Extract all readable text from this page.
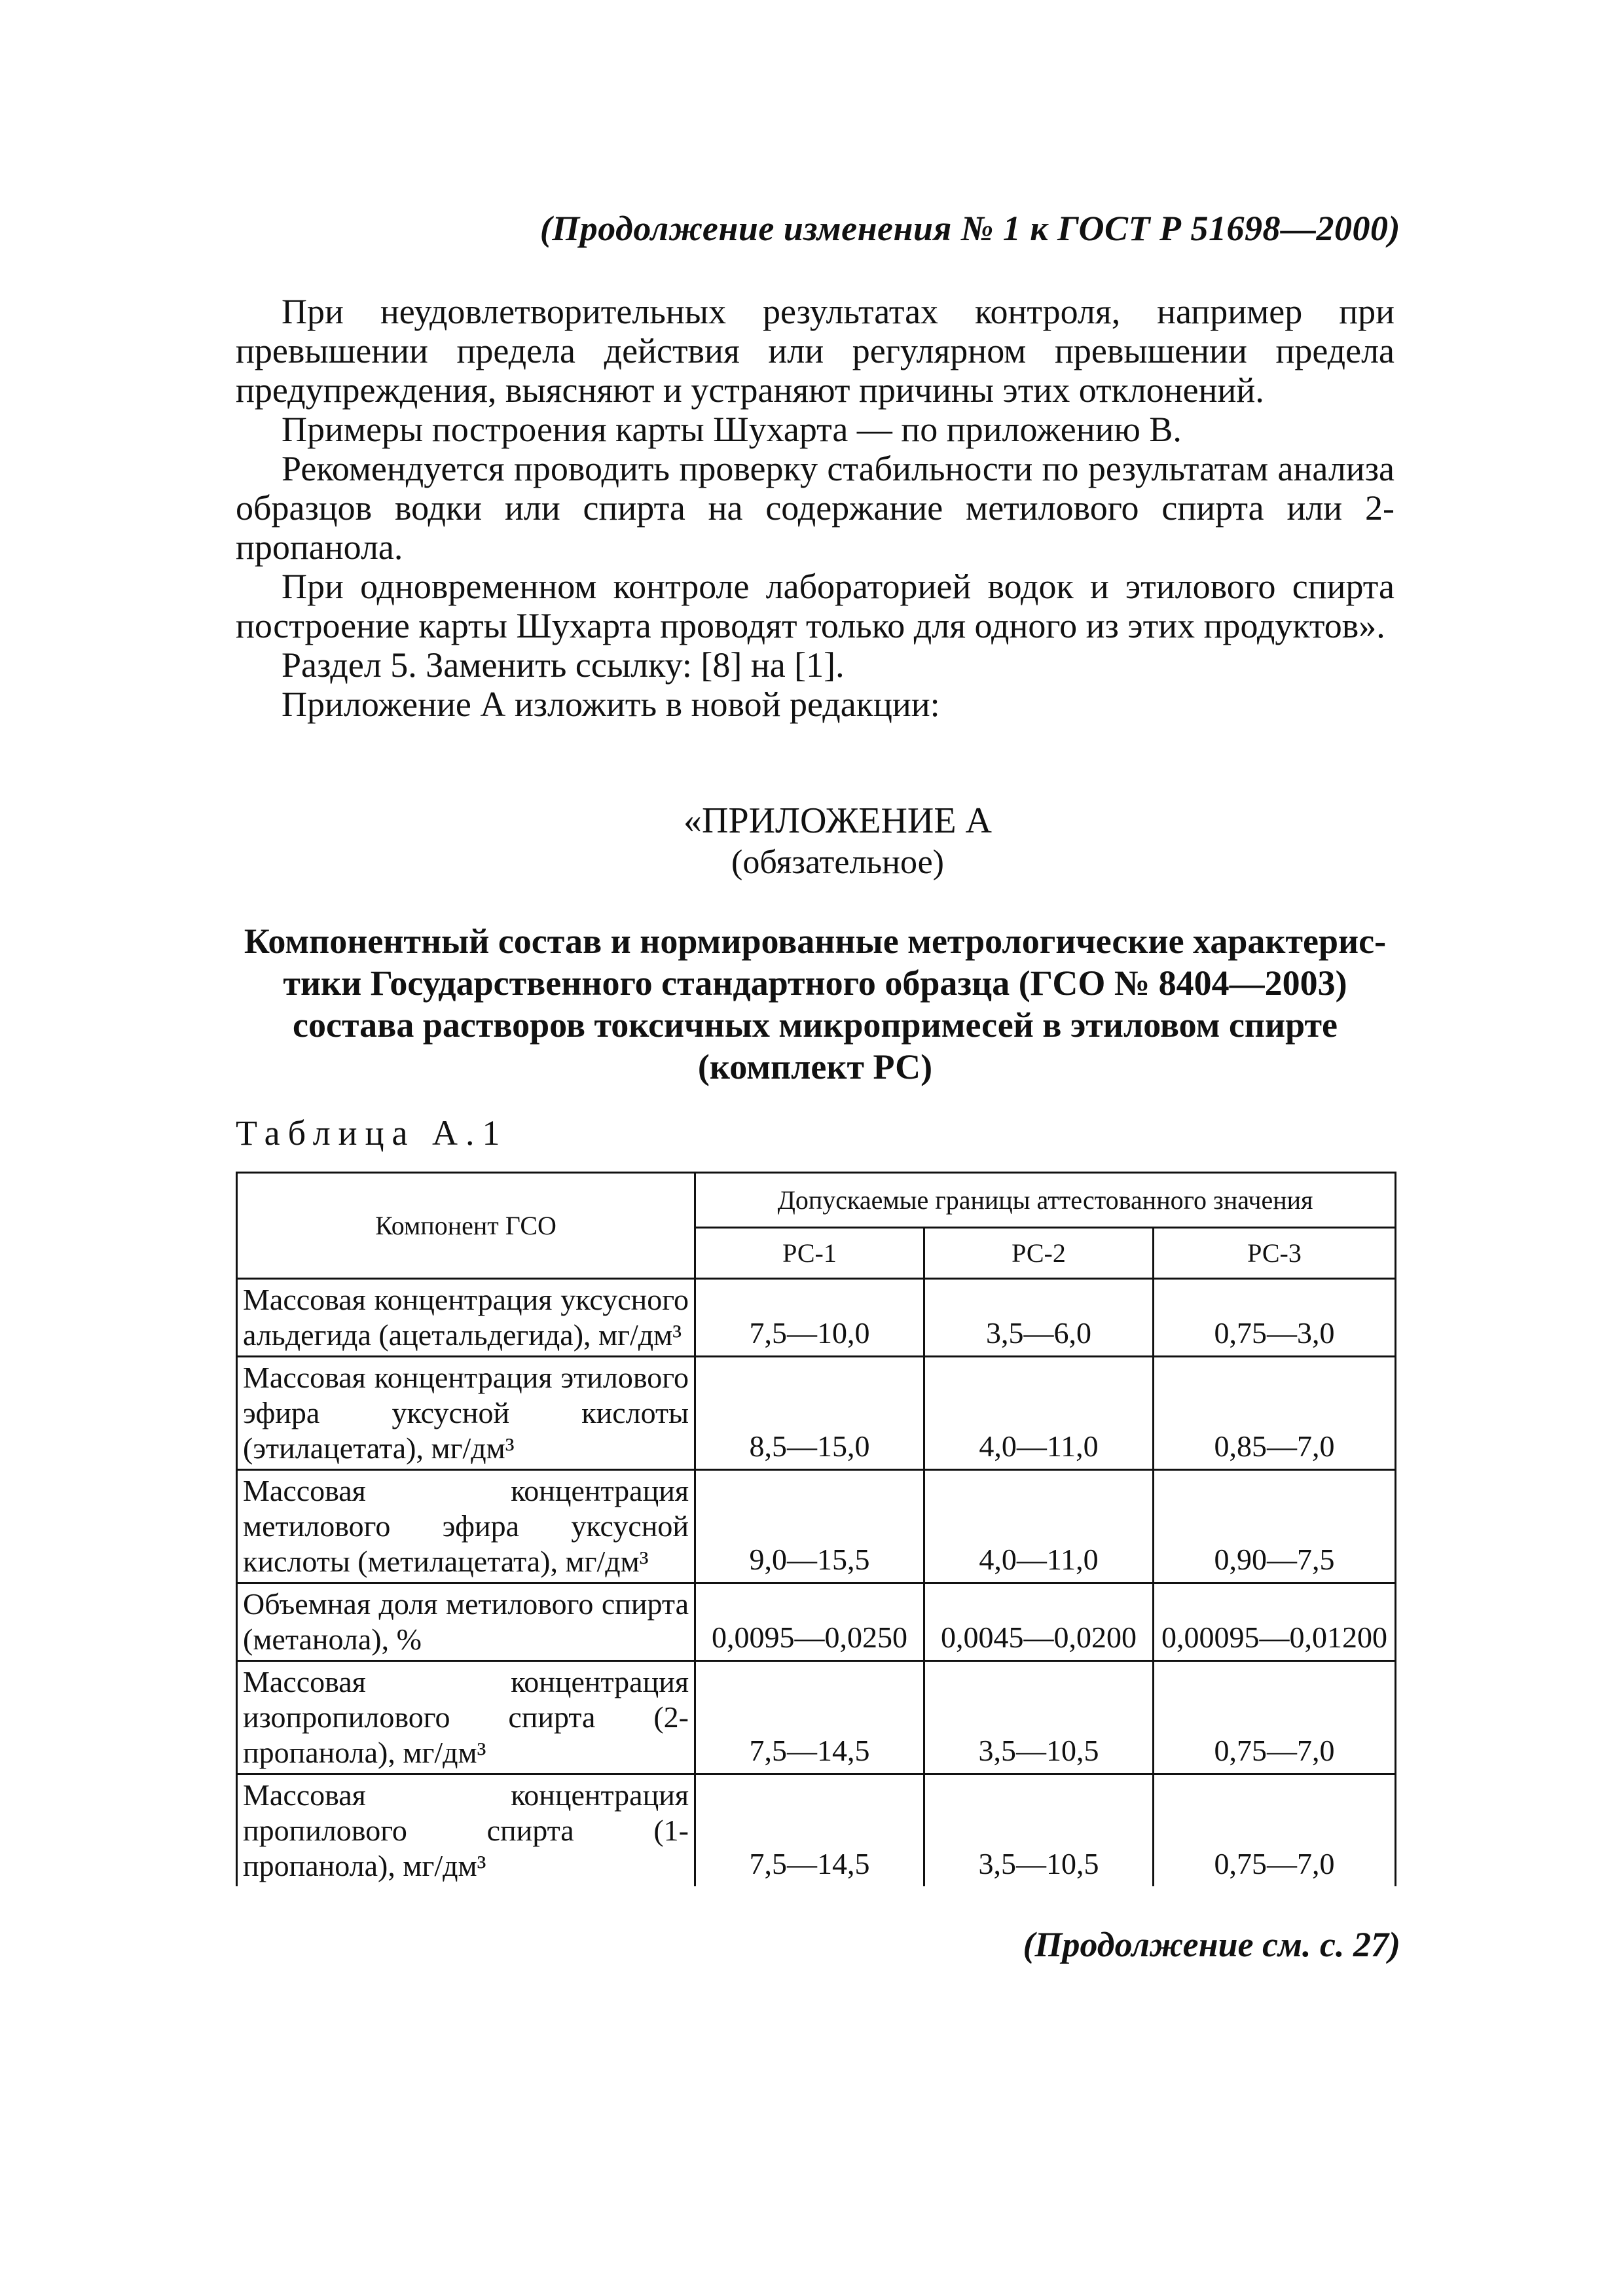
(Продолжение изменения № 1 к ГОСТ Р 51698—2000)

При неудовлетворительных результатах контроля, например при превышении предела действия или регулярном превышении предела предупреждения, выясняют и устраняют причины этих отклонений.

Примеры построения карты Шухарта — по приложению В.

Рекомендуется проводить проверку стабильности по результатам анализа образцов водки или спирта на содержание метилового спирта или 2-пропанола.

При одновременном контроле лабораторией водок и этилового спирта построение карты Шухарта проводят только для одного из этих продуктов».

Раздел 5. Заменить ссылку: [8] на [1].

Приложение А изложить в новой редакции:

«ПРИЛОЖЕНИЕ А
(обязательное)
Компонентный состав и нормированные метрологические характерис-
тики Государственного стандартного образца (ГСО № 8404—2003)
состава растворов токсичных микропримесей в этиловом спирте
(комплект РС)
Таблица А.1
Компонент ГСО	Допускаемые границы аттестованного значения		
	РС-1	РС-2	РС-3
Массовая концентрация уксусного альдегида (ацетальдегида), мг/дм³	7,5—10,0	3,5—6,0	0,75—3,0
Массовая концентрация этилового эфира уксусной кислоты (этилацетата), мг/дм³	8,5—15,0	4,0—11,0	0,85—7,0
Массовая концентрация метилового эфира уксусной кислоты (метилацетата), мг/дм³	9,0—15,5	4,0—11,0	0,90—7,5
Объемная доля метилового спирта (метанола), %	0,0095—0,0250	0,0045—0,0200	0,00095—0,01200
Массовая концентрация изопропилового спирта (2-пропанола), мг/дм³	7,5—14,5	3,5—10,5	0,75—7,0
Массовая концентрация пропилового спирта (1-пропанола), мг/дм³	7,5—14,5	3,5—10,5	0,75—7,0
(Продолжение см. с. 27)
